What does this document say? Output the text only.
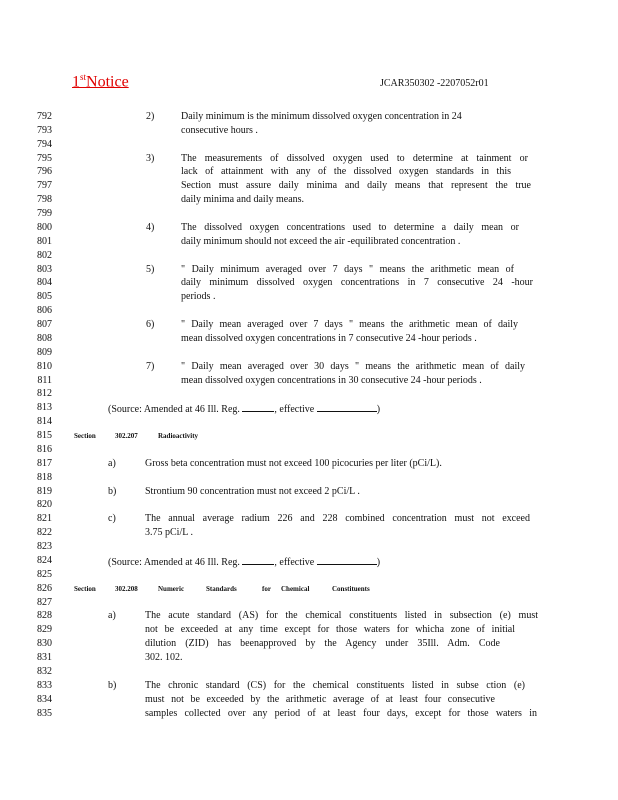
1stNotice	JCAR350302 -2207052r01
792
793
794
795
796
797
798
799
800
801
802
803
804
805
806
807
808
809
810
811
812
813
814
815
816
817
818
819
820
821
822
823
824
825
826
827
828
829
830
831
832
833
834
835
2)	Daily minimum is the minimum dissolved oxygen concentration in 24
consecutive hours .
3)	The measurements of dissolved oxygen used to determine at tainment or
lack of attainment with any of the dissolved oxygen standards in this
Section must assure daily minima and daily means that represent the true
daily minima and daily means.
4)	The dissolved oxygen concentrations used to determine a daily mean or
daily minimum should not exceed the air -equilibrated concentration .
5)	" Daily minimum averaged over 7 days " means the arithmetic mean of
daily minimum dissolved oxygen concentrations in 7 consecutive 24 -hour
periods .
6)	" Daily mean averaged over 7 days " means the arithmetic mean of daily
mean dissolved oxygen concentrations in 7 consecutive 24 -hour periods .
7)	" Daily mean averaged over 30 days " means the arithmetic mean of daily
mean dissolved oxygen concentrations in 30 consecutive 24 -hour periods .
(Source: Amended at 46 Ill. Reg.	, effective	)
Section	302.207	Radioactivity
a)	Gross beta concentration must not exceed 100 picocuries per liter (pCi/L).
b)	Strontium 90 concentration must not exceed 2 pCi/L .
c)	The annual average radium 226 and 228 combined concentration must not exceed
3.75 pCi/L .
(Source: Amended at 46 Ill. Reg.	, effective	)
Section	302.208	Numeric	Standards	for Chemical	Constituents
a)	The acute standard (AS) for the chemical constituents listed in subsection (e) must
not be exceeded at any time except for those waters for whicha zone of initial
dilution (ZID) has beenapproved by the Agency under 35Ill. Adm. Code
302. 102.
b)	The chronic standard (CS) for the chemical constituents listed in subse ction (e)
must not be exceeded by the arithmetic average of at least four consecutive
samples collected over any period of at least four days, except for those waters in
